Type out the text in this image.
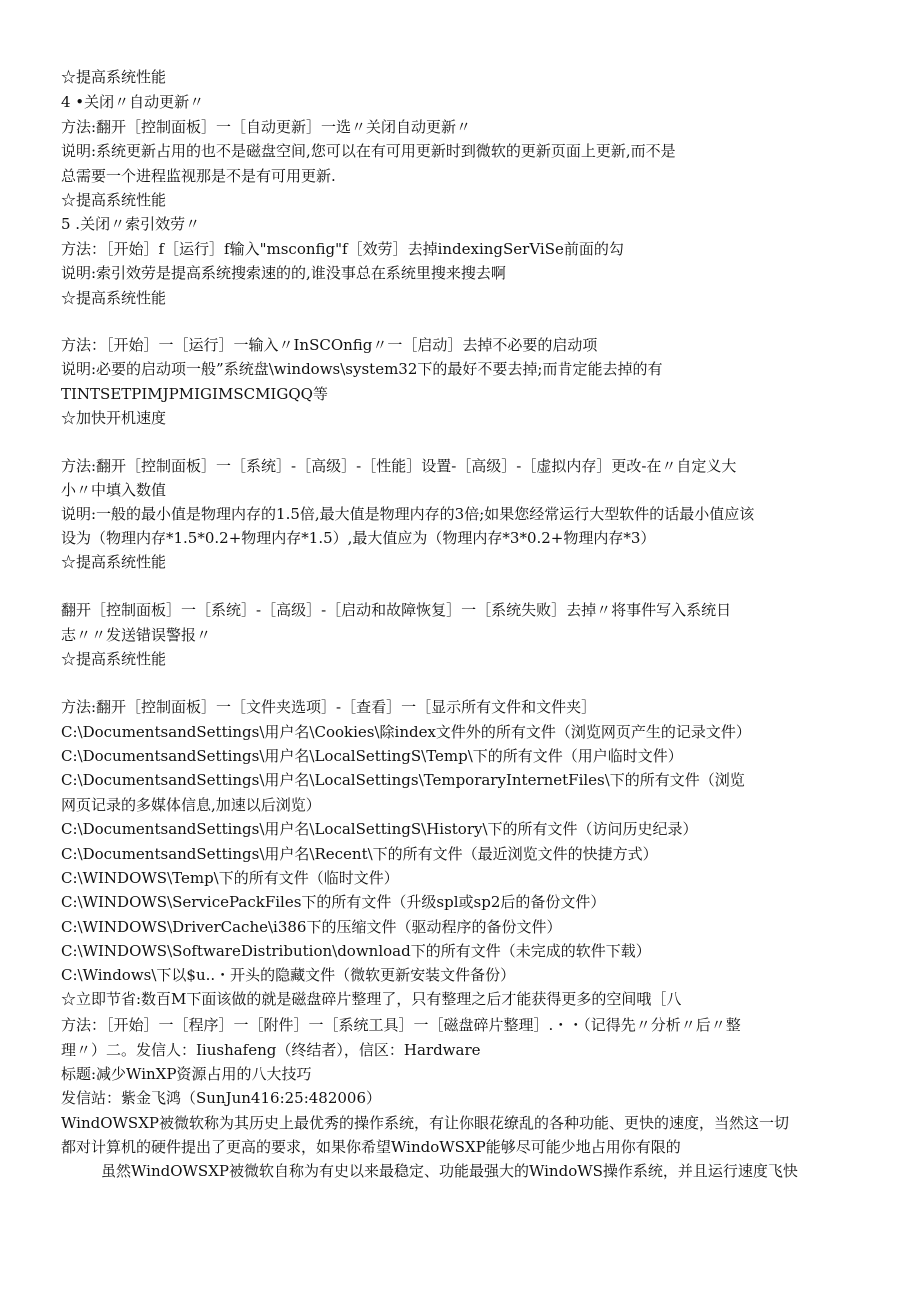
☆提高系统性能
4 •关闭〃自动更新〃
方法:翻开［控制面板］一［自动更新］一选〃关闭自动更新〃
说明:系统更新占用的也不是磁盘空间,您可以在有可用更新时到微软的更新页面上更新,而不是
总需要一个进程监视那是不是有可用更新.
☆提高系统性能
5 .关闭〃索引效劳〃
方法：［开始］f［运行］f输入"msconfig"f［效劳］去掉indexingSerViSe前面的勾
说明:索引效劳是提高系统搜索速的的,谁没事总在系统里搜来搜去啊
☆提高系统性能
方法：［开始］一［运行］一输入〃InSCOnfig〃一［启动］去掉不必要的启动项
说明:必要的启动项一般”系统盘\windows\system32下的最好不要去掉;而肯定能去掉的有
TINTSETPIMJPMIGIMSCMIGQQ等
☆加快开机速度
方法:翻开［控制面板］一［系统］-［高级］-［性能］设置-［高级］-［虚拟内存］更改-在〃自定义大
小〃中填入数值
说明:一般的最小值是物理内存的1.5倍,最大值是物理内存的3倍;如果您经常运行大型软件的话最小值应该
设为（物理内存*1.5*0.2+物理内存*1.5）,最大值应为（物理内存*3*0.2+物理内存*3）
☆提高系统性能
翻开［控制面板］一［系统］-［高级］-［启动和故障恢复］一［系统失败］去掉〃将事件写入系统日
志〃〃发送错误警报〃
☆提高系统性能
方法:翻开［控制面板］一［文件夹选项］-［查看］一［显示所有文件和文件夹］
C:\DocumentsandSettings\用户名\Cookies\除index文件外的所有文件（浏览网页产生的记录文件）
C:\DocumentsandSettings\用户名\LocalSettingS\Temp\下的所有文件（用户临时文件）
C:\DocumentsandSettings\用户名\LocalSettings\TemporaryInternetFiles\下的所有文件（浏览
网页记录的多媒体信息,加速以后浏览）
C:\DocumentsandSettings\用户名\LocalSettingS\History\下的所有文件（访问历史纪录）
C:\DocumentsandSettings\用户名\Recent\下的所有文件（最近浏览文件的快捷方式）
C:\WINDOWS\Temp\下的所有文件（临时文件）
C:\WINDOWS\ServicePackFiles下的所有文件（升级spl或sp2后的备份文件）
C:\WINDOWS\DriverCache\i386下的压缩文件（驱动程序的备份文件）
C:\WINDOWS\SoftwareDistribution\download下的所有文件（未完成的软件下载）
C:\Windows\下以$u..・开头的隐藏文件（微软更新安装文件备份）
☆立即节省:数百M下面该做的就是磁盘碎片整理了，只有整理之后才能获得更多的空间哦［八
方法：［开始］一［程序］一［附件］一［系统工具］一［磁盘碎片整理］.・・（记得先〃分析〃后〃整
理〃）二。发信人：Iiushafeng（终结者），信区：Hardware
标题:减少WinXP资源占用的八大技巧
发信站：紫金飞鸿（SunJun416:25:482006）
WindOWSXP被微软称为其历史上最优秀的操作系统，有让你眼花缭乱的各种功能、更快的速度，当然这一切
都对计算机的硬件提出了更高的要求，如果你希望WindoWSXP能够尽可能少地占用你有限的
虽然WindOWSXP被微软自称为有史以来最稳定、功能最强大的WindoWS操作系统，并且运行速度飞快
